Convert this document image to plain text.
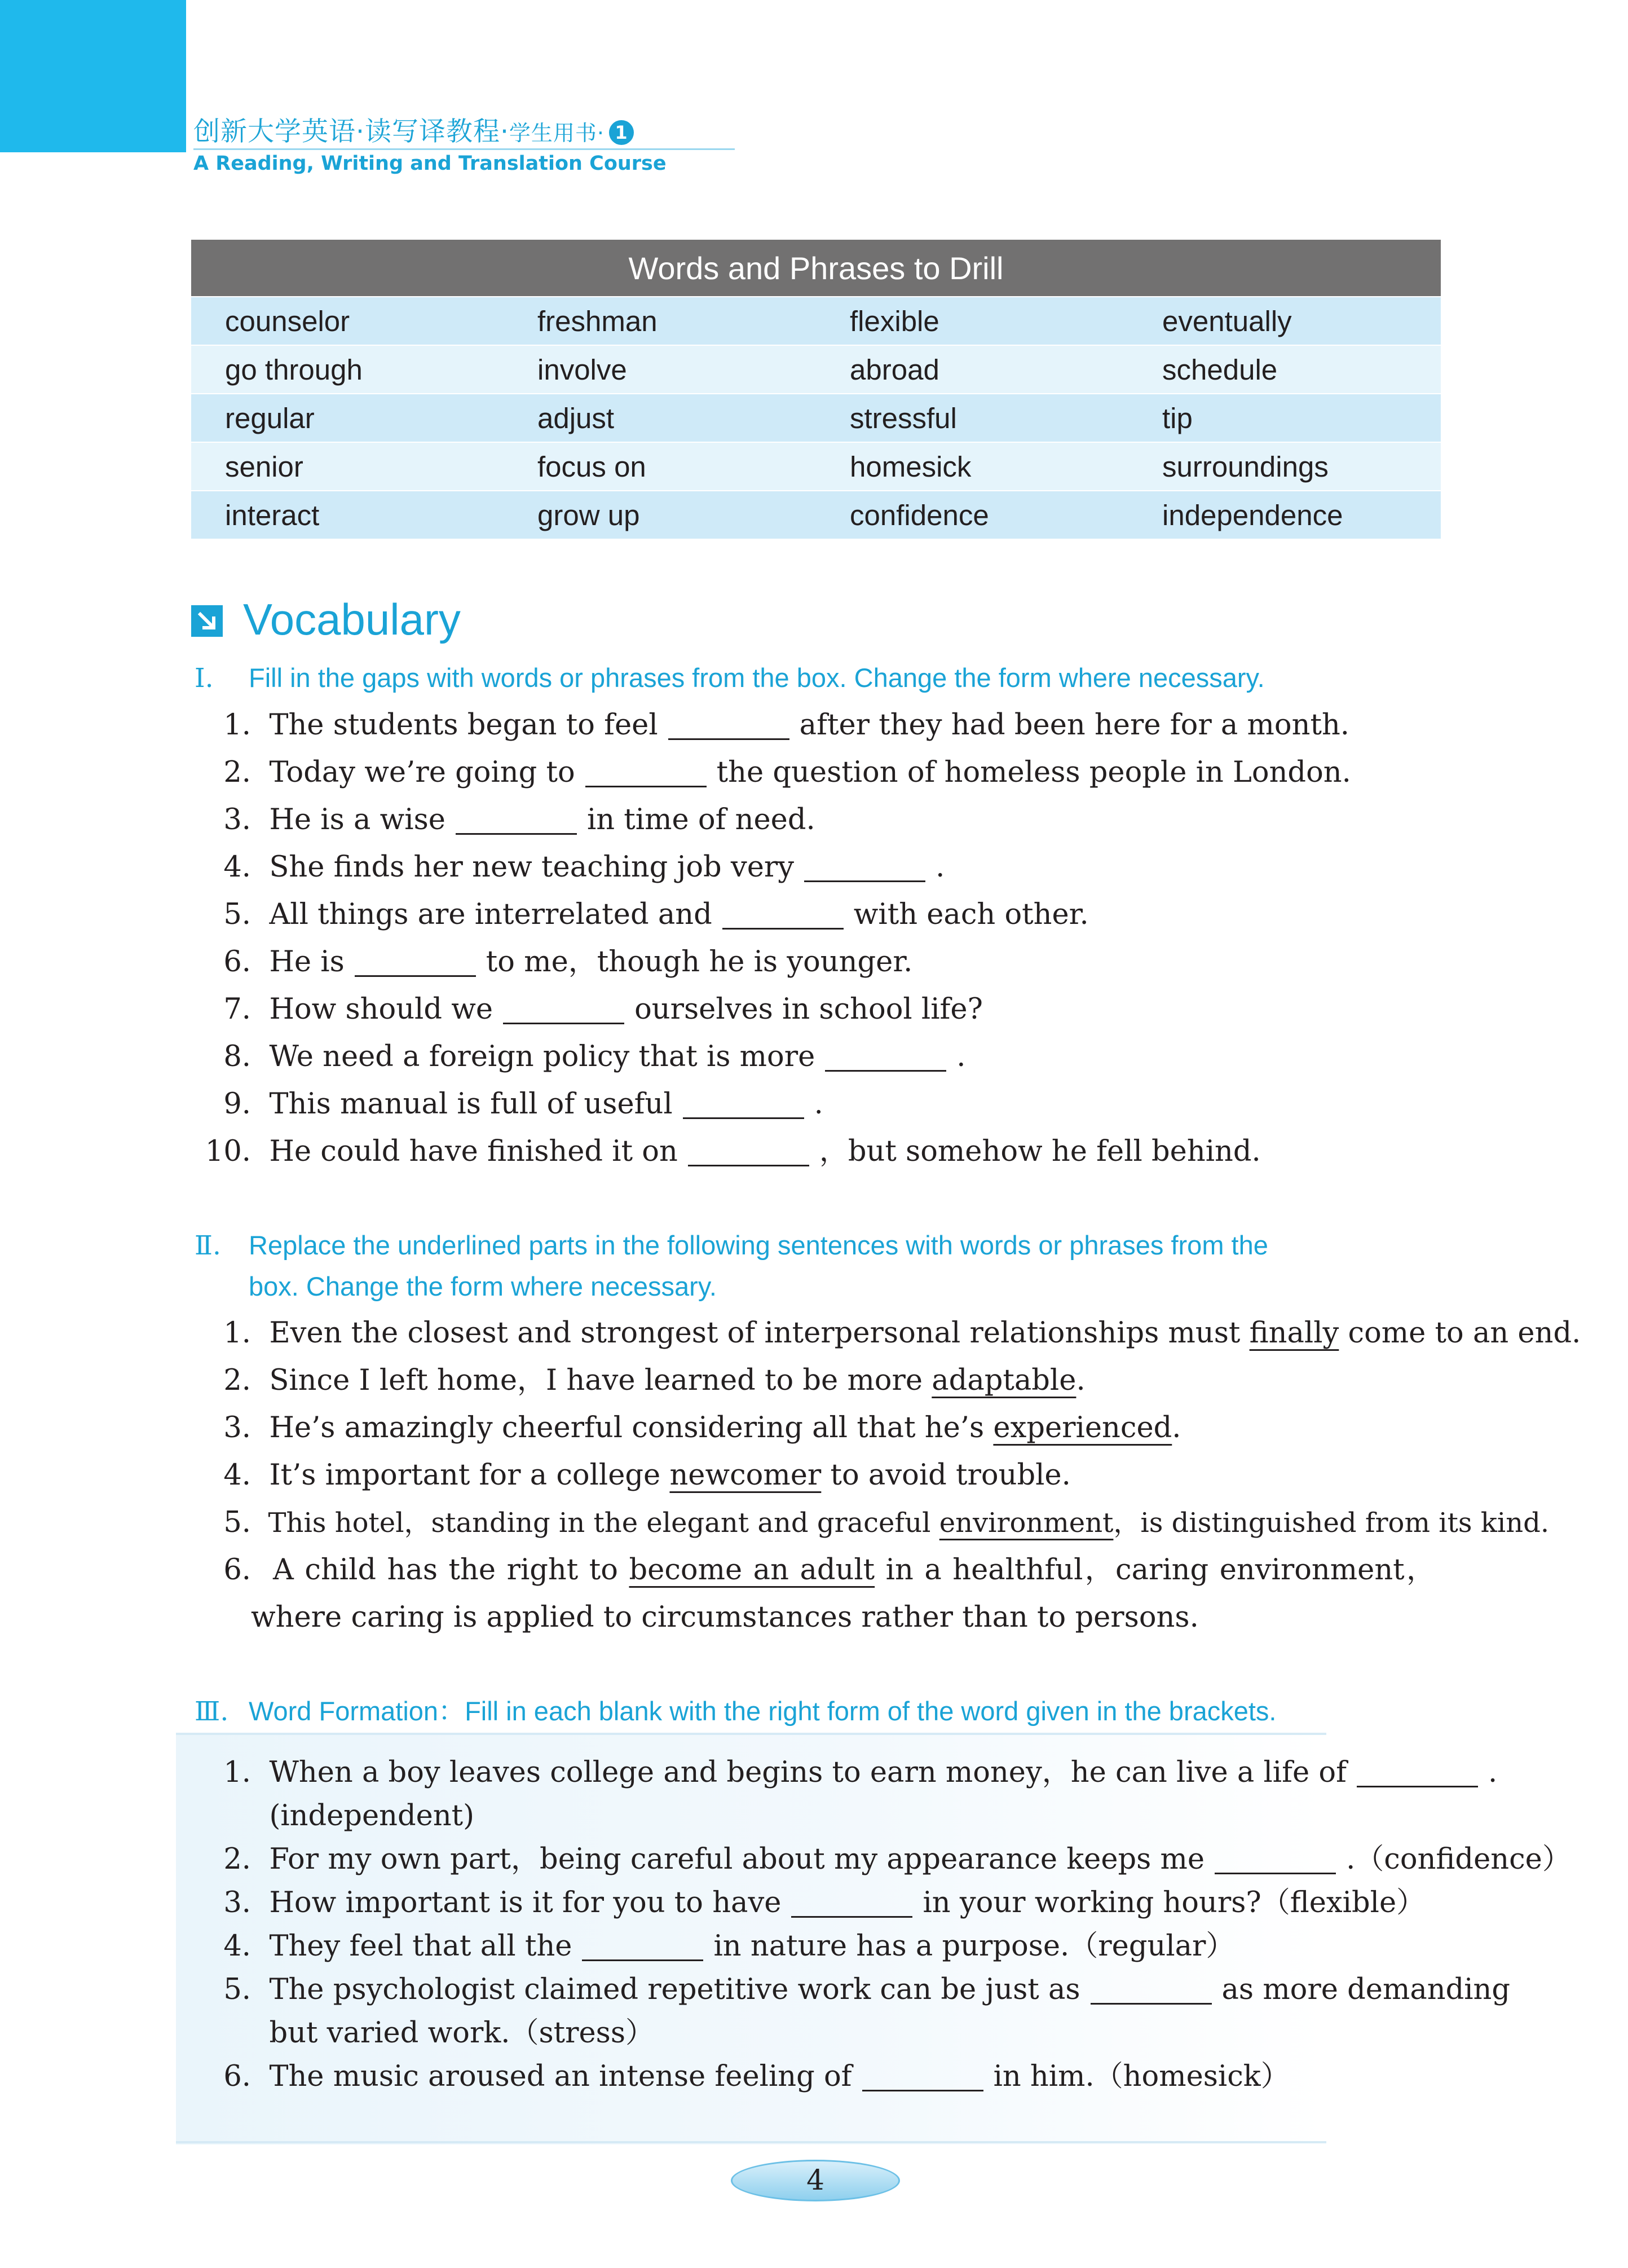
创新大学英语·读写译教程·学生用书· 1
A Reading, Writing and Translation Course
Words and Phrases to Drill			
counselor	freshman	flexible	eventually
go through	involve	abroad	schedule
regular	adjust	stressful	tip
senior	focus on	homesick	surroundings
interact	grow up	confidence	independence
Vocabulary
Ⅰ. Fill in the gaps with words or phrases from the box. Change the form where necessary.
1. The students began to feel	after they had been here for a month.
2. Today we’re going to	the question of homeless people in London.
3. He is a wise	in time of need.
4. She finds her new teaching job very	.
5. All things are interrelated and	with each other.
6. He is	to me，though he is younger.
7. How should we	ourselves in school life?
8. We need a foreign policy that is more	.
9. This manual is full of useful	.
10. He could have finished it on	，but somehow he fell behind.
Ⅱ. Replace the underlined parts in the following sentences with words or phrases from the
box. Change the form where necessary.
1. Even the closest and strongest of interpersonal relationships must finally come to an end.
2. Since I left home，I have learned to be more adaptable.
3. He’s amazingly cheerful considering all that he’s experienced.
4. It’s important for a college newcomer to avoid trouble.
5. This hotel，standing in the elegant and graceful environment，is distinguished from its kind.
6. A child has the right to become an adult in a healthful，caring environment，where caring is applied to circumstances rather than to persons.
Ⅲ. Word Formation：Fill in each blank with the right form of the word given in the brackets.
1. When a boy leaves college and begins to earn money，he can live a life of	.
(independent)
2. For my own part，being careful about my appearance keeps me	.（confidence）
3. How important is it for you to have	in your working hours?（flexible）
4. They feel that all the	in nature has a purpose.（regular）
5. The psychologist claimed repetitive work can be just as	as more demanding
but varied work.（stress）
6. The music aroused an intense feeling of	in him.（homesick）
4
